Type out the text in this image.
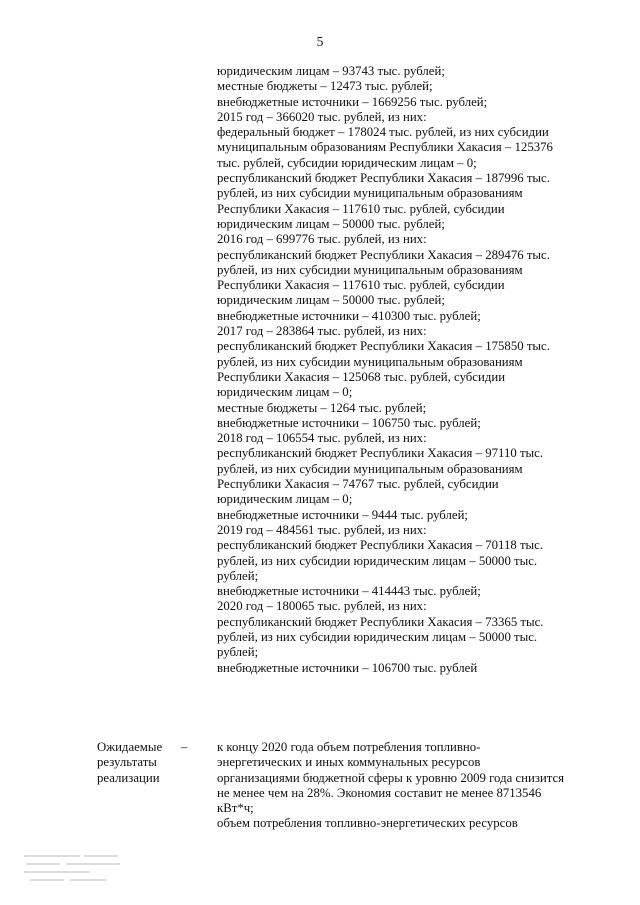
5
юридическим лицам – 93743 тыс. рублей;
местные бюджеты – 12473 тыс. рублей;
внебюджетные источники – 1669256 тыс. рублей;
2015 год – 366020 тыс. рублей, из них:
федеральный бюджет – 178024 тыс. рублей, из них субсидии
муниципальным образованиям Республики Хакасия – 125376
тыс. рублей, субсидии юридическим лицам – 0;
республиканский бюджет Республики Хакасия – 187996 тыс.
рублей, из них субсидии муниципальным образованиям
Республики Хакасия – 117610 тыс. рублей, субсидии
юридическим лицам – 50000 тыс. рублей;
2016 год – 699776 тыс. рублей, из них:
республиканский бюджет Республики Хакасия – 289476 тыс.
рублей, из них субсидии муниципальным образованиям
Республики Хакасия – 117610 тыс. рублей, субсидии
юридическим лицам – 50000 тыс. рублей;
внебюджетные источники – 410300 тыс. рублей;
2017 год – 283864 тыс. рублей, из них:
республиканский бюджет Республики Хакасия – 175850 тыс.
рублей, из них субсидии муниципальным образованиям
Республики Хакасия – 125068 тыс. рублей, субсидии
юридическим лицам – 0;
местные бюджеты – 1264 тыс. рублей;
внебюджетные источники – 106750 тыс. рублей;
2018 год – 106554 тыс. рублей, из них:
республиканский бюджет Республики Хакасия – 97110 тыс.
рублей, из них субсидии муниципальным образованиям
Республики Хакасия – 74767 тыс. рублей, субсидии
юридическим лицам – 0;
внебюджетные источники – 9444 тыс. рублей;
2019 год – 484561 тыс. рублей, из них:
республиканский бюджет Республики Хакасия – 70118 тыс.
рублей, из них субсидии юридическим лицам – 50000 тыс.
рублей;
внебюджетные источники – 414443 тыс. рублей;
2020 год – 180065 тыс. рублей, из них:
республиканский бюджет Республики Хакасия – 73365 тыс.
рублей, из них субсидии юридическим лицам – 50000 тыс.
рублей;
внебюджетные источники – 106700 тыс. рублей
Ожидаемые
результаты
реализации
– к концу 2020 года объем потребления топливно-
энергетических и иных коммунальных ресурсов
организациями бюджетной сферы к уровню 2009 года снизится
не менее чем на 28%. Экономия составит не менее 8713546
кВт*ч;
объем потребления топливно-энергетических ресурсов
